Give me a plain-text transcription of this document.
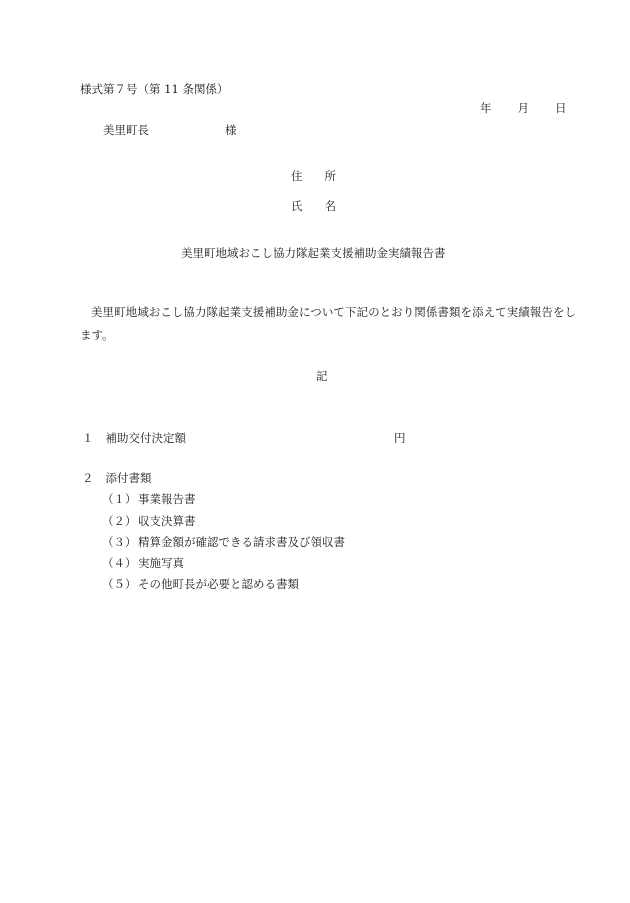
様式第７号（第 11 条関係）
年 月 日
美里町長	様
住 所
氏 名
美里町地域おこし協力隊起業支援補助金実績報告書
美里町地域おこし協力隊起業支援補助金について下記のとおり関係書類を添えて実績報告をします。
記
１ 補助交付決定額	円
２ 添付書類
（１） 事業報告書
（２） 収支決算書
（３） 精算金額が確認できる請求書及び領収書
（４） 実施写真
（５） その他町長が必要と認める書類
